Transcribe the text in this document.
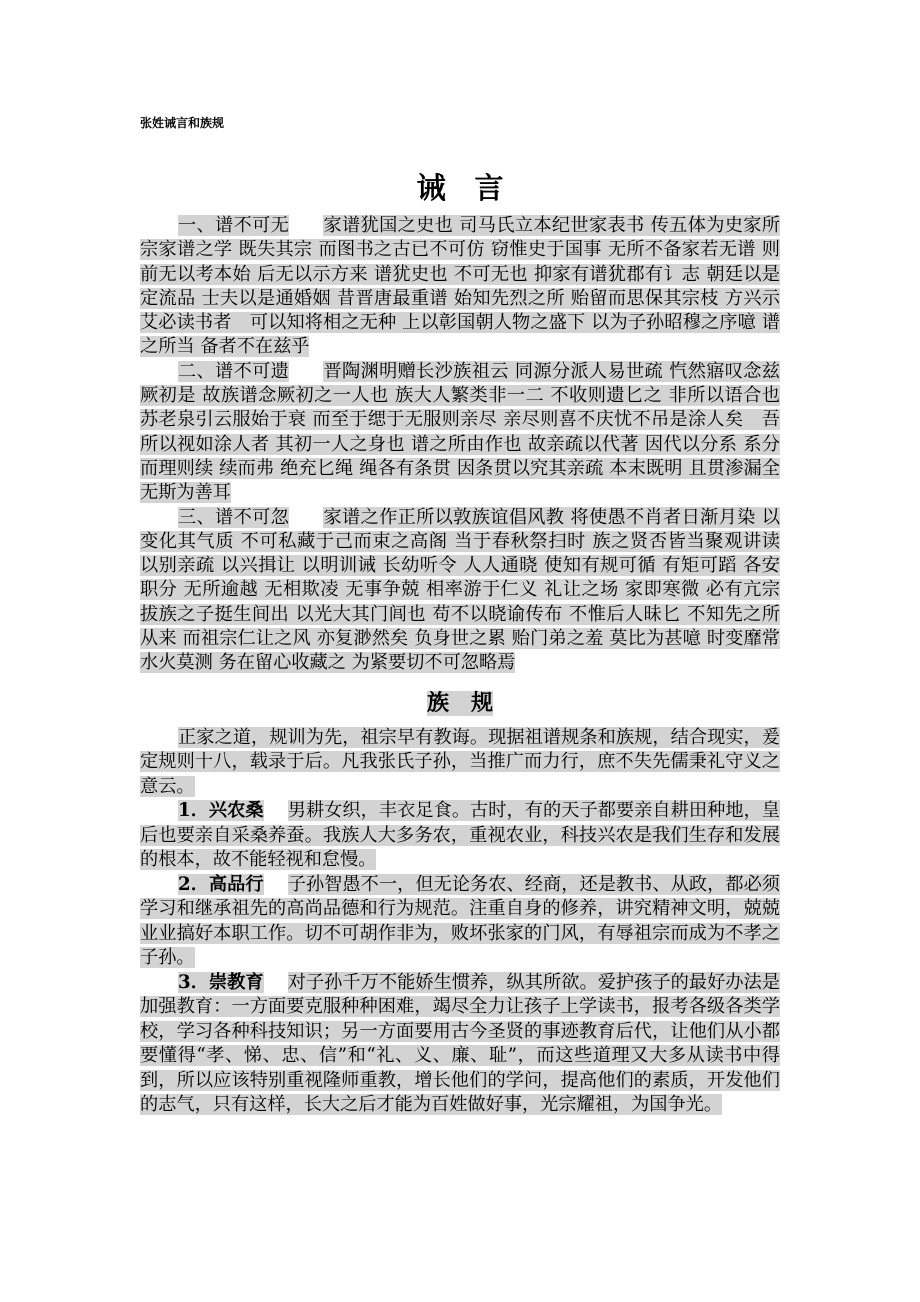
张姓诫言和族规
诫　言

一、谱不可无 家谱犹国之史也 司马氏立本纪世家表书 传五体为史家所宗家谱之学 既失其宗 而图书之古已不可仿 窃惟史于国事 无所不备家若无谱 则前无以考本始 后无以示方来 谱犹史也 不可无也 抑家有谱犹郡有讠志 朝廷以是定流品 士夫以是通婚姻 昔晋唐最重谱 始知先烈之所 贻留而思保其宗枝 方兴示艾必读书者　可以知将相之无种 上以彰国朝人物之盛下 以为子孙昭穆之序噫 谱之所当 备者不在兹乎

二、谱不可遗 晋陶渊明赠长沙族祖云 同源分派人易世疏 忾然寤叹念兹厥初是 故族谱念厥初之一人也 族大人繁类非一二 不收则遗匕之 非所以语合也 苏老泉引云服始于衰 而至于缌于无服则亲尽 亲尽则喜不庆忧不吊是涂人矣　吾所以视如涂人者 其初一人之身也 谱之所由作也 故亲疏以代著 因代以分系 系分而理则续 续而弗 绝充匕绳 绳各有条贯 因条贯以究其亲疏 本末既明 且贯渗漏全无斯为善耳

三、谱不可忽 家谱之作正所以敦族谊倡风教 将使愚不肖者日渐月染 以变化其气质 不可私藏于己而束之高阁 当于春秋祭扫时 族之贤否皆当聚观讲读 以别亲疏 以兴揖让 以明训诫 长幼听令 人人通晓 使知有规可循 有矩可蹈 各安职分 无所逾越 无相欺凌 无事争兢 相率游于仁义 礼让之场 家即寒微 必有亢宗拔族之子挺生间出 以光大其门闾也 苟不以晓谕传布 不惟后人昧匕 不知先之所从来 而祖宗仁让之风 亦复渺然矣 负身世之累 贻门弟之羞 莫比为甚噫 时变靡常水火莫测 务在留心收藏之 为紧要切不可忽略焉

族　规

正家之道，规训为先，祖宗早有教诲。现据祖谱规条和族规，结合现实，爰定规则十八，载录于后。凡我张氏子孙，当推广而力行，庶不失先儒秉礼守义之意云。

1．兴农桑 男耕女织，丰衣足食。古时，有的天子都要亲自耕田种地，皇后也要亲自采桑养蚕。我族人大多务农，重视农业，科技兴农是我们生存和发展的根本，故不能轻视和怠慢。

2．高品行 子孙智愚不一，但无论务农、经商，还是教书、从政，都必须学习和继承祖先的高尚品德和行为规范。注重自身的修养，讲究精神文明，兢兢业业搞好本职工作。切不可胡作非为，败坏张家的门风，有辱祖宗而成为不孝之子孙。

3．崇教育 对子孙千万不能娇生惯养，纵其所欲。爱护孩子的最好办法是加强教育：一方面要克服种种困难，竭尽全力让孩子上学读书，报考各级各类学校，学习各种科技知识；另一方面要用古今圣贤的事迹教育后代，让他们从小都要懂得“孝、悌、忠、信”和“礼、义、廉、耻”，而这些道理又大多从读书中得到，所以应该特别重视隆师重教，增长他们的学问，提高他们的素质，开发他们的志气，只有这样，长大之后才能为百姓做好事，光宗耀祖，为国争光。
